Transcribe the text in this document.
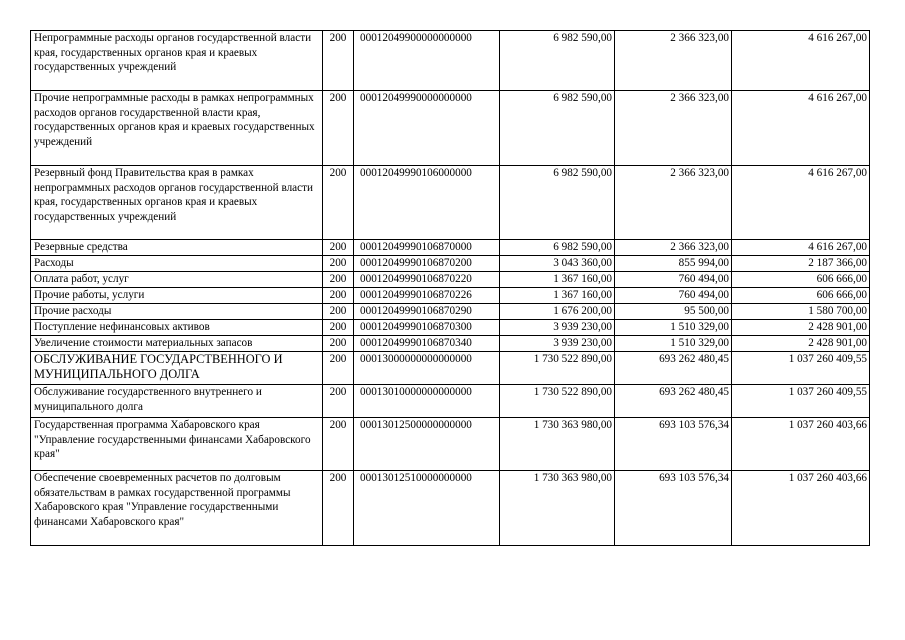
Непрограммные расходы органов государственной власти края, государственных органов края и краевых государственных учреждений	200	00012049900000000000	6 982 590,00	2 366 323,00	4 616 267,00
Прочие непрограммные расходы в рамках непрограммных расходов органов государственной власти края, государственных органов края и краевых государственных учреждений	200	00012049990000000000	6 982 590,00	2 366 323,00	4 616 267,00
Резервный фонд Правительства края в рамках непрограммных расходов органов государственной власти края, государственных органов края и краевых государственных учреждений	200	00012049990106000000	6 982 590,00	2 366 323,00	4 616 267,00
Резервные средства	200	00012049990106870000	6 982 590,00	2 366 323,00	4 616 267,00
Расходы	200	00012049990106870200	3 043 360,00	855 994,00	2 187 366,00
Оплата работ, услуг	200	00012049990106870220	1 367 160,00	760 494,00	606 666,00
Прочие работы, услуги	200	00012049990106870226	1 367 160,00	760 494,00	606 666,00
Прочие расходы	200	00012049990106870290	1 676 200,00	95 500,00	1 580 700,00
Поступление нефинансовых активов	200	00012049990106870300	3 939 230,00	1 510 329,00	2 428 901,00
Увеличение стоимости материальных запасов	200	00012049990106870340	3 939 230,00	1 510 329,00	2 428 901,00
ОБСЛУЖИВАНИЕ ГОСУДАРСТВЕННОГО И МУНИЦИПАЛЬНОГО ДОЛГА	200	00013000000000000000	1 730 522 890,00	693 262 480,45	1 037 260 409,55
Обслуживание государственного внутреннего и муниципального долга	200	00013010000000000000	1 730 522 890,00	693 262 480,45	1 037 260 409,55
Государственная программа Хабаровского края "Управление государственными финансами Хабаровского края"	200	00013012500000000000	1 730 363 980,00	693 103 576,34	1 037 260 403,66
Обеспечение своевременных расчетов по долговым обязательствам в рамках государственной программы Хабаровского края "Управление государственными финансами Хабаровского края"	200	00013012510000000000	1 730 363 980,00	693 103 576,34	1 037 260 403,66
